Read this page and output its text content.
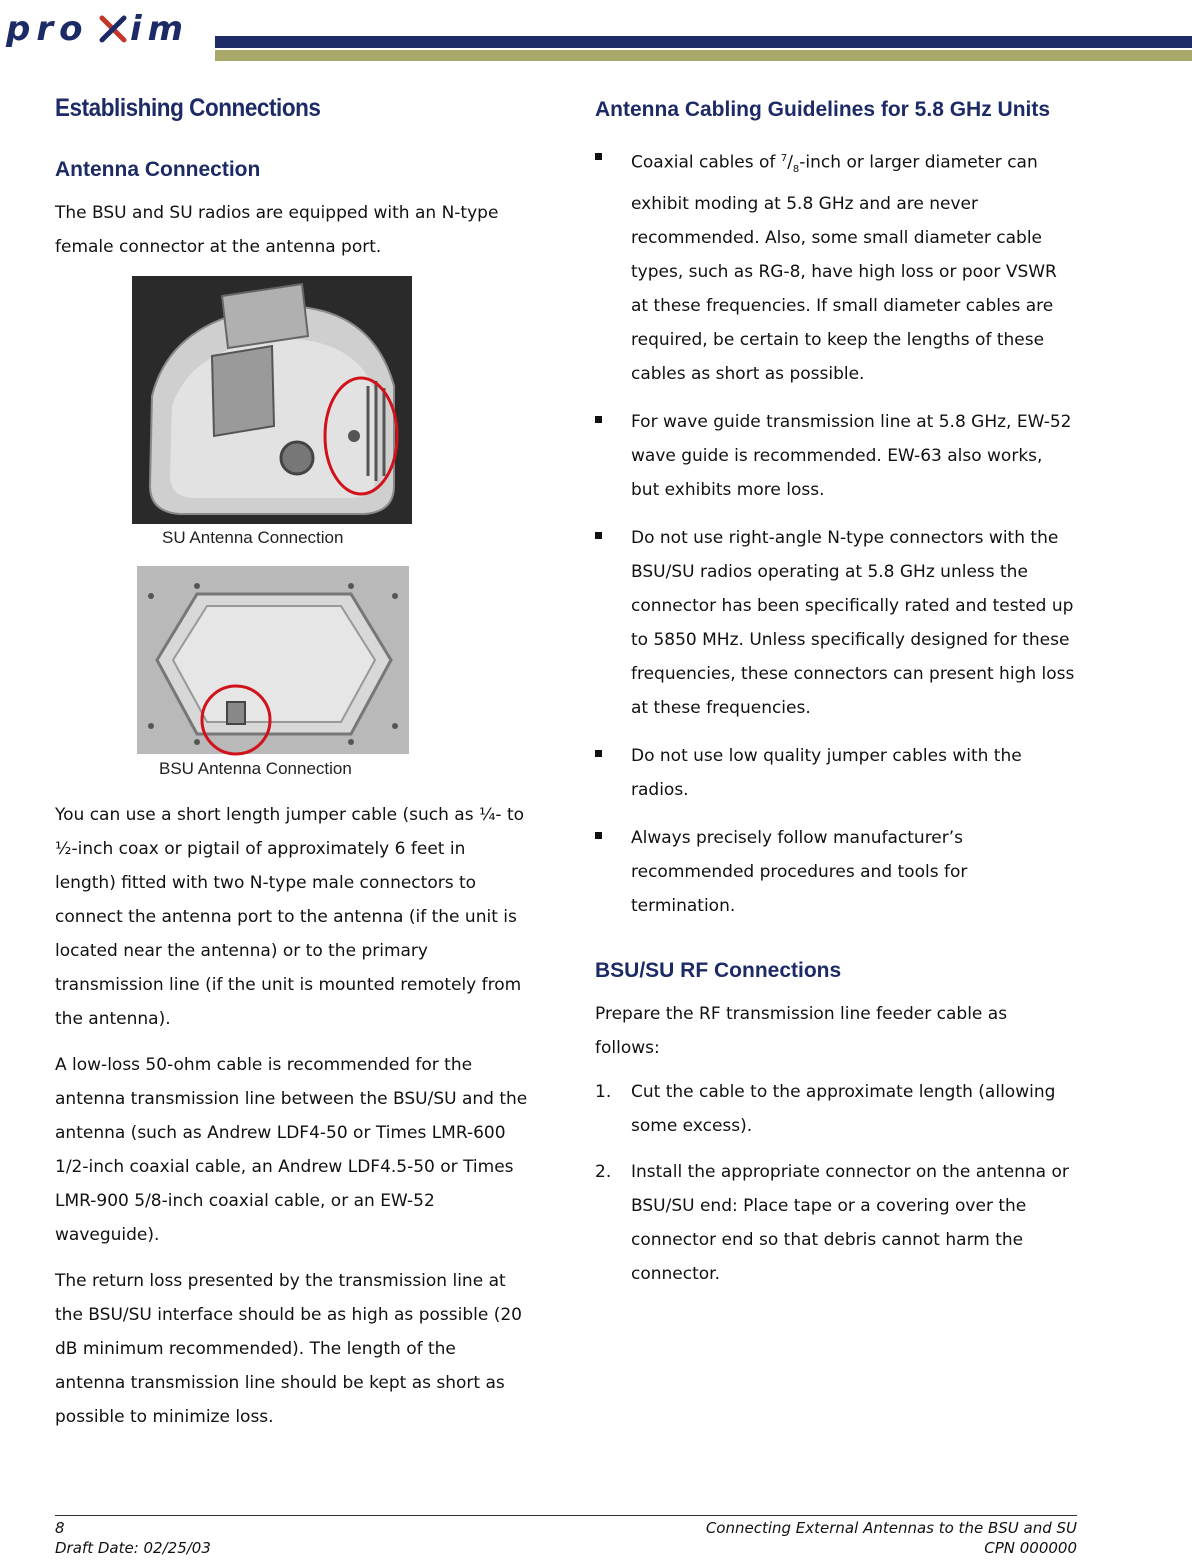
pro im
Establishing Connections
Antenna Connection

The BSU and SU radios are equipped with an N-type female connector at the antenna port.

SU Antenna Connection
BSU Antenna Connection

You can use a short length jumper cable (such as ¼- to ½-inch coax or pigtail of approximately 6 feet in length) fitted with two N-type male connectors to connect the antenna port to the antenna (if the unit is located near the antenna) or to the primary transmission line (if the unit is mounted remotely from the antenna).

A low-loss 50-ohm cable is recommended for the antenna transmission line between the BSU/SU and the antenna (such as Andrew LDF4-50 or Times LMR-600 1/2-inch coaxial cable, an Andrew LDF4.5-50 or Times LMR-900 5/8-inch coaxial cable, or an EW-52 waveguide).

The return loss presented by the transmission line at the BSU/SU interface should be as high as possible (20 dB minimum recommended). The length of the antenna transmission line should be kept as short as possible to minimize loss.

Antenna Cabling Guidelines for 5.8 GHz Units
Coaxial cables of $^7/_8$-inch or larger diameter can exhibit moding at 5.8 GHz and are never recommended. Also, some small diameter cable types, such as RG-8, have high loss or poor VSWR at these frequencies. If small diameter cables are required, be certain to keep the lengths of these cables as short as possible.
For wave guide transmission line at 5.8 GHz, EW-52 wave guide is recommended. EW-63 also works, but exhibits more loss.
Do not use right-angle N-type connectors with the BSU/SU radios operating at 5.8 GHz unless the connector has been specifically rated and tested up to 5850 MHz. Unless specifically designed for these frequencies, these connectors can present high loss at these frequencies.
Do not use low quality jumper cables with the radios.
Always precisely follow manufacturer’s recommended procedures and tools for termination.
BSU/SU RF Connections

Prepare the RF transmission line feeder cable as follows:

1. Cut the cable to the approximate length (allowing some excess).
2. Install the appropriate connector on the antenna or BSU/SU end: Place tape or a covering over the connector end so that debris cannot harm the connector.
8	Connecting External Antennas to the BSU and SU
Draft Date: 02/25/03	CPN 000000
